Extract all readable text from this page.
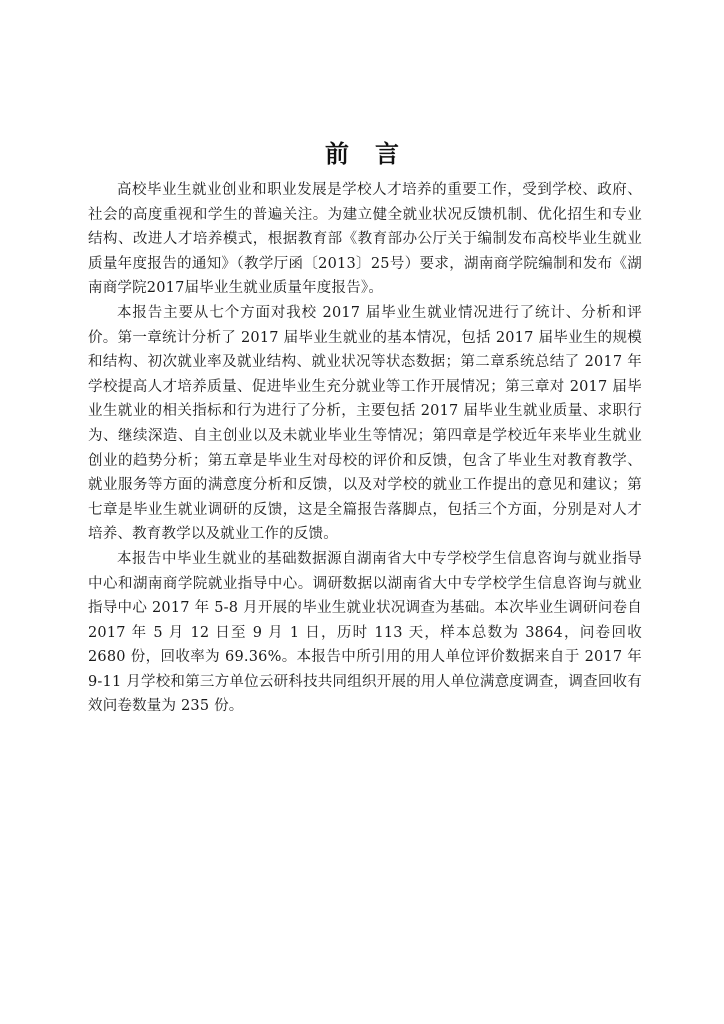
前言

高校毕业生就业创业和职业发展是学校人才培养的重要工作，受到学校、政府、社会的高度重视和学生的普遍关注。为建立健全就业状况反馈机制、优化招生和专业结构、改进人才培养模式，根据教育部《教育部办公厅关于编制发布高校毕业生就业质量年度报告的通知》（教学厅函〔2013〕25号）要求，湖南商学院编制和发布《湖南商学院2017届毕业生就业质量年度报告》。

本报告主要从七个方面对我校 2017 届毕业生就业情况进行了统计、分析和评价。第一章统计分析了 2017 届毕业生就业的基本情况，包括 2017 届毕业生的规模和结构、初次就业率及就业结构、就业状况等状态数据；第二章系统总结了 2017 年学校提高人才培养质量、促进毕业生充分就业等工作开展情况；第三章对 2017 届毕业生就业的相关指标和行为进行了分析，主要包括 2017 届毕业生就业质量、求职行为、继续深造、自主创业以及未就业毕业生等情况；第四章是学校近年来毕业生就业创业的趋势分析；第五章是毕业生对母校的评价和反馈，包含了毕业生对教育教学、就业服务等方面的满意度分析和反馈，以及对学校的就业工作提出的意见和建议；第七章是毕业生就业调研的反馈，这是全篇报告落脚点，包括三个方面，分别是对人才培养、教育教学以及就业工作的反馈。

本报告中毕业生就业的基础数据源自湖南省大中专学校学生信息咨询与就业指导中心和湖南商学院就业指导中心。调研数据以湖南省大中专学校学生信息咨询与就业指导中心 2017 年 5-8 月开展的毕业生就业状况调查为基础。本次毕业生调研问卷自 2017 年 5 月 12 日至 9 月 1 日，历时 113 天，样本总数为 3864，问卷回收 2680 份，回收率为 69.36%。本报告中所引用的用人单位评价数据来自于 2017 年 9-11 月学校和第三方单位云研科技共同组织开展的用人单位满意度调查，调查回收有效问卷数量为 235 份。
